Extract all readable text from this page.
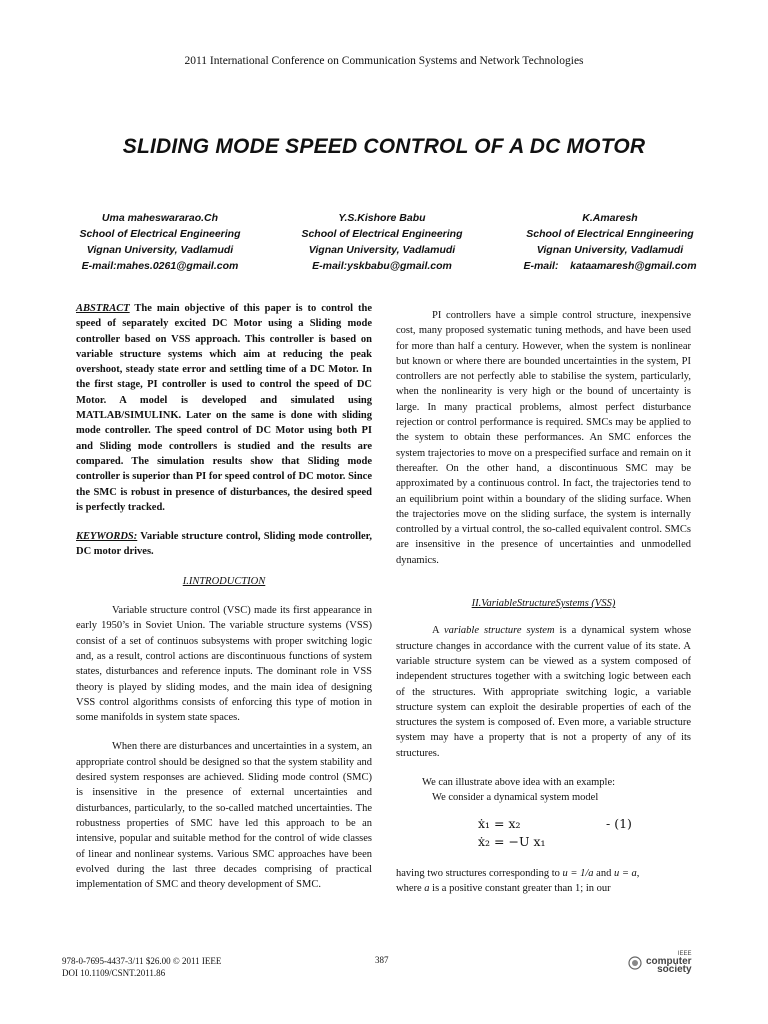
2011 International Conference on Communication Systems and Network Technologies
SLIDING MODE SPEED CONTROL OF A DC MOTOR
Uma maheswararao.Ch
School of Electrical Engineering
Vignan University, Vadlamudi
E-mail:mahes.0261@gmail.com
Y.S.Kishore Babu
School of Electrical Engineering
Vignan University, Vadlamudi
E-mail:yskbabu@gmail.com
K.Amaresh
School of Electrical Enngineering
Vignan University, Vadlamudi
E-mail:    kataamaresh@gmail.com
ABSTRACT The main objective of this paper is to control the speed of separately excited DC Motor using a Sliding mode controller based on VSS approach. This controller is based on variable structure systems which aim at reducing the peak overshoot, steady state error and settling time of a DC Motor. In the first stage, PI controller is used to control the speed of DC Motor. A model is developed and simulated using MATLAB/SIMULINK. Later on the same is done with sliding mode controller. The speed control of DC Motor using both PI and Sliding mode controllers is studied and the results are compared. The simulation results show that Sliding mode controller is superior than PI for speed control of DC motor. Since the SMC is robust in presence of disturbances, the desired speed is perfectly tracked.
KEYWORDS: Variable structure control, Sliding mode controller, DC motor drives.
I.INTRODUCTION

Variable structure control (VSC) made its first appearance in early 1950’s in Soviet Union. The variable structure systems (VSS) consist of a set of continuos subsystems with proper switching logic and, as a result, control actions are discontinuous functions of system states, disturbances and reference inputs. The dominant role in VSS theory is played by sliding modes, and the main idea of designing VSS control algorithms consists of enforcing this type of motion in some manifolds in system state spaces.

When there are disturbances and uncertainties in a system, an appropriate control should be designed so that the system stability and desired system responses are achieved. Sliding mode control (SMC) is insensitive in the presence of external uncertainties and disturbances, particularly, to the so-called matched uncertainties. The robustness properties of SMC have led this approach to be an intensive, popular and suitable method for the control of wide classes of linear and nonlinear systems. Various SMC approaches have been evolved during the last three decades comprising of practical implementation of SMC and theory development of SMC.

PI controllers have a simple control structure, inexpensive cost, many proposed systematic tuning methods, and have been used for more than half a century. However, when the system is nonlinear but known or where there are bounded uncertainties in the system, PI controllers are not perfectly able to stabilise the system, particularly, when the nonlinearity is very high or the bound of uncertainty is large. In many practical problems, almost perfect disturbance rejection or control performance is required. SMCs may be applied to the system to obtain these performances. An SMC enforces the system trajectories to move on a prespecified surface and remain on it thereafter. On the other hand, a discontinuous SMC may be approximated by a continuous control. In fact, the trajectories tend to an equilibrium point within a boundary of the sliding surface. When the trajectories move on the sliding surface, the system is internally controlled by a virtual control, the so-called equivalent control. SMCs are insensitive in the presence of uncertainties and unmodelled dynamics.

II.VariableStructureSystems (VSS)

A variable structure system is a dynamical system whose structure changes in accordance with the current value of its state. A variable structure system can be viewed as a system composed of independent structures together with a switching logic between each of the structures. With appropriate switching logic, a variable structure system can exploit the desirable properties of each of the structures the system is composed of. Even more, a variable structure system may have a property that is not a property of any of its structures.

We can illustrate above idea with an example:
We consider a dynamical system model
ẋ₁ = x₂
ẋ₂ = −U x₁
- (1)
having two structures corresponding to u = 1/a and u = a,
where a is a positive constant greater than 1; in our
978-0-7695-4437-3/11 $26.00 © 2011 IEEE
DOI 10.1109/CSNT.2011.86
387
IEEE
computer
society
